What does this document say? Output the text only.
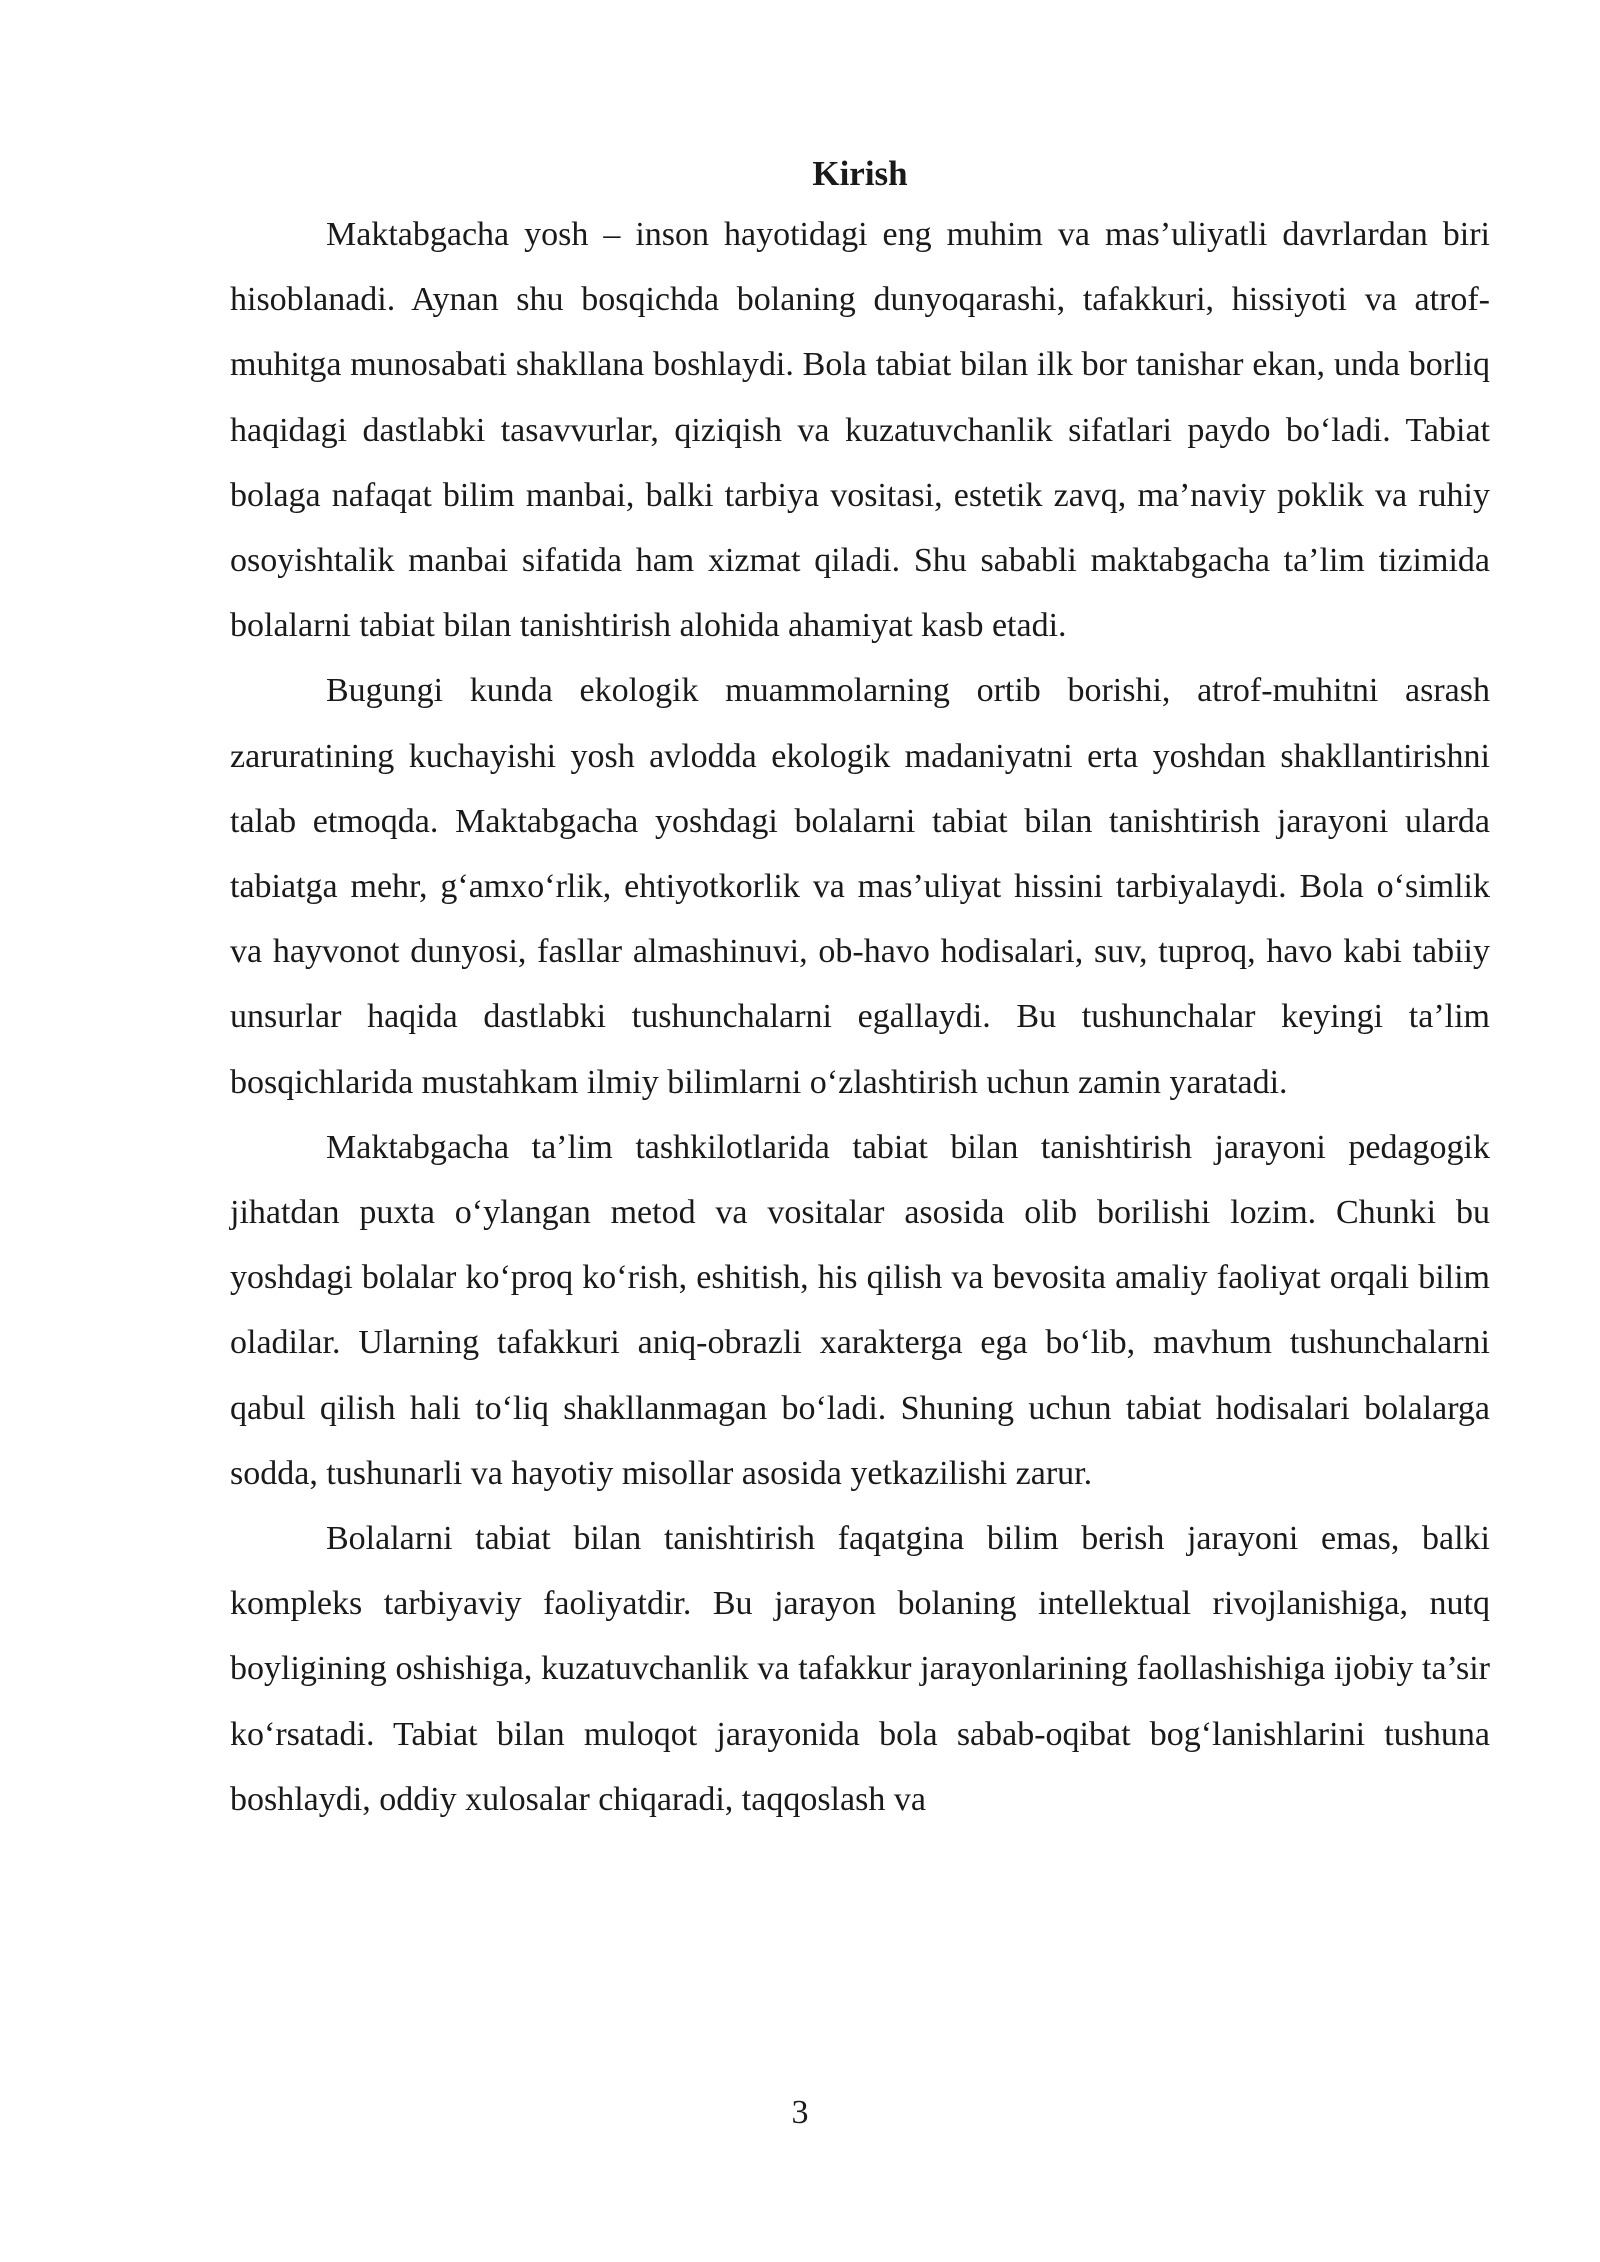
Kirish

Maktabgacha yosh – inson hayotidagi eng muhim va mas’uliyatli davrlardan biri hisoblanadi. Aynan shu bosqichda bolaning dunyoqarashi, tafakkuri, hissiyoti va atrof-muhitga munosabati shakllana boshlaydi. Bola tabiat bilan ilk bor tanishar ekan, unda borliq haqidagi dastlabki tasavvurlar, qiziqish va kuzatuvchanlik sifatlari paydo bo‘ladi. Tabiat bolaga nafaqat bilim manbai, balki tarbiya vositasi, estetik zavq, ma’naviy poklik va ruhiy osoyishtalik manbai sifatida ham xizmat qiladi. Shu sababli maktabgacha ta’lim tizimida bolalarni tabiat bilan tanishtirish alohida ahamiyat kasb etadi.

Bugungi kunda ekologik muammolarning ortib borishi, atrof-muhitni asrash zaruratining kuchayishi yosh avlodda ekologik madaniyatni erta yoshdan shakllantirishni talab etmoqda. Maktabgacha yoshdagi bolalarni tabiat bilan tanishtirish jarayoni ularda tabiatga mehr, g‘amxo‘rlik, ehtiyotkorlik va mas’uliyat hissini tarbiyalaydi. Bola o‘simlik va hayvonot dunyosi, fasllar almashinuvi, ob-havo hodisalari, suv, tuproq, havo kabi tabiiy unsurlar haqida dastlabki tushunchalarni egallaydi. Bu tushunchalar keyingi ta’lim bosqichlarida mustahkam ilmiy bilimlarni o‘zlashtirish uchun zamin yaratadi.

Maktabgacha ta’lim tashkilotlarida tabiat bilan tanishtirish jarayoni pedagogik jihatdan puxta o‘ylangan metod va vositalar asosida olib borilishi lozim. Chunki bu yoshdagi bolalar ko‘proq ko‘rish, eshitish, his qilish va bevosita amaliy faoliyat orqali bilim oladilar. Ularning tafakkuri aniq-obrazli xarakterga ega bo‘lib, mavhum tushunchalarni qabul qilish hali to‘liq shakllanmagan bo‘ladi. Shuning uchun tabiat hodisalari bolalarga sodda, tushunarli va hayotiy misollar asosida yetkazilishi zarur.

Bolalarni tabiat bilan tanishtirish faqatgina bilim berish jarayoni emas, balki kompleks tarbiyaviy faoliyatdir. Bu jarayon bolaning intellektual rivojlanishiga, nutq boyligining oshishiga, kuzatuvchanlik va tafakkur jarayonlarining faollashishiga ijobiy ta’sir ko‘rsatadi. Tabiat bilan muloqot jarayonida bola sabab-oqibat bog‘lanishlarini tushuna boshlaydi, oddiy xulosalar chiqaradi, taqqoslash va

3
